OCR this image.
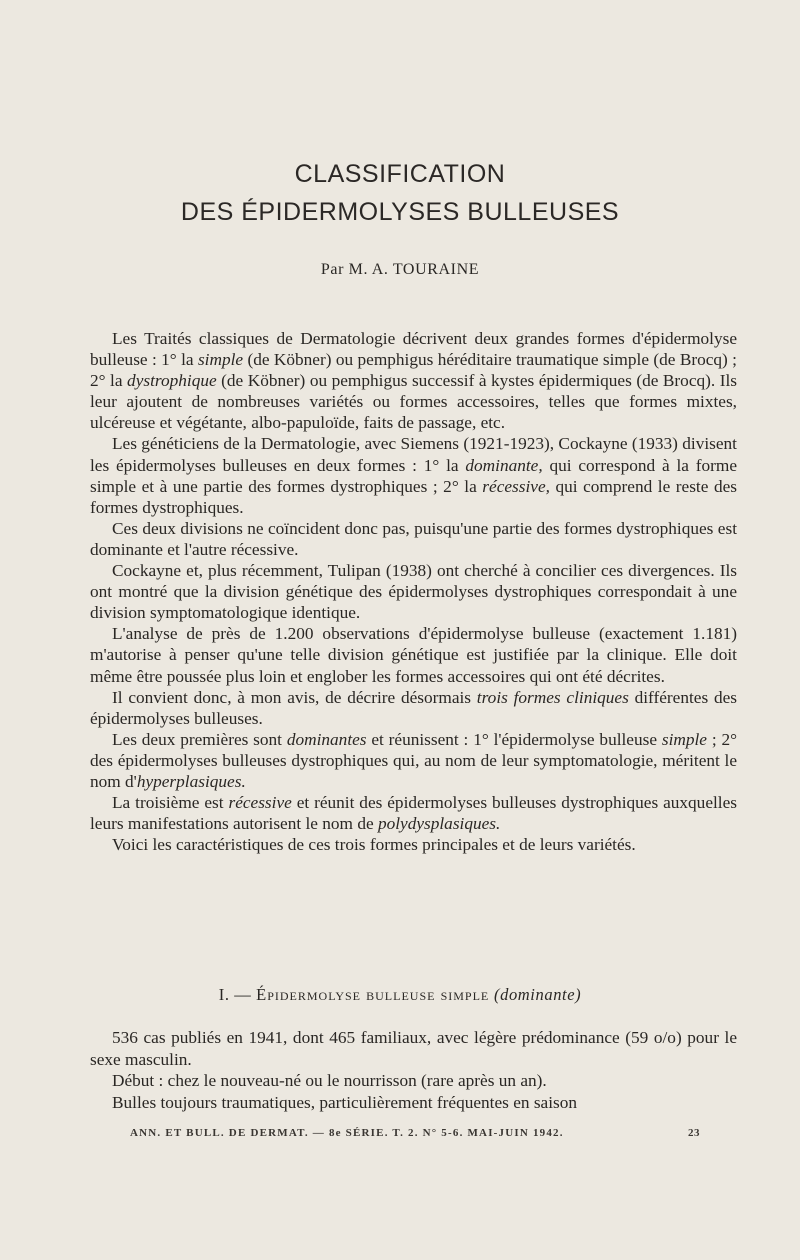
CLASSIFICATION
DES ÉPIDERMOLYSES BULLEUSES
Par M. A. TOURAINE

Les Traités classiques de Dermatologie décrivent deux grandes formes d'épidermolyse bulleuse : 1° la simple (de Köbner) ou pemphigus héréditaire traumatique simple (de Brocq) ; 2° la dystrophique (de Köbner) ou pemphigus successif à kystes épidermiques (de Brocq). Ils leur ajoutent de nombreuses variétés ou formes accessoires, telles que formes mixtes, ulcéreuse et végétante, albo-papuloïde, faits de passage, etc.

Les généticiens de la Dermatologie, avec Siemens (1921-1923), Cockayne (1933) divisent les épidermolyses bulleuses en deux formes : 1° la dominante, qui correspond à la forme simple et à une partie des formes dystrophiques ; 2° la récessive, qui comprend le reste des formes dystrophiques.

Ces deux divisions ne coïncident donc pas, puisqu'une partie des formes dystrophiques est dominante et l'autre récessive.

Cockayne et, plus récemment, Tulipan (1938) ont cherché à concilier ces divergences. Ils ont montré que la division génétique des épidermolyses dystrophiques correspondait à une division symptomatologique identique.

L'analyse de près de 1.200 observations d'épidermolyse bulleuse (exactement 1.181) m'autorise à penser qu'une telle division génétique est justifiée par la clinique. Elle doit même être poussée plus loin et englober les formes accessoires qui ont été décrites.

Il convient donc, à mon avis, de décrire désormais trois formes cliniques différentes des épidermolyses bulleuses.

Les deux premières sont dominantes et réunissent : 1° l'épidermolyse bulleuse simple ; 2° des épidermolyses bulleuses dystrophiques qui, au nom de leur symptomatologie, méritent le nom d'hyperplasiques.

La troisième est récessive et réunit des épidermolyses bulleuses dystrophiques auxquelles leurs manifestations autorisent le nom de polydysplasiques.

Voici les caractéristiques de ces trois formes principales et de leurs variétés.

I. — Épidermolyse bulleuse simple (dominante)

536 cas publiés en 1941, dont 465 familiaux, avec légère prédominance (59 o/o) pour le sexe masculin.

Début : chez le nouveau-né ou le nourrisson (rare après un an).

Bulles toujours traumatiques, particulièrement fréquentes en saison

ANN. ET BULL. DE DERMAT. — 8e SÉRIE. T. 2. N° 5-6. MAI-JUIN 1942.	23
